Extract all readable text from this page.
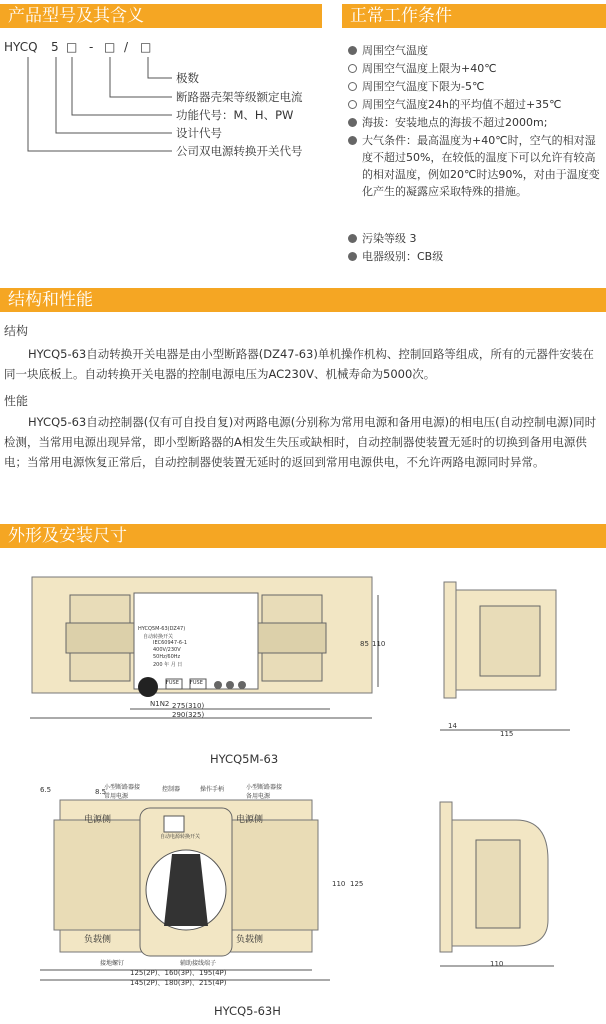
产品型号及其含义	正常工作条件
HYCQ 5 □ - □ / □
极数
断路器壳架等级额定电流
功能代号：M、H、PW
设计代号
公司双电源转换开关代号
周围空气温度
周围空气温度上限为+40℃
周围空气温度下限为-5℃
周围空气温度24h的平均值不超过+35℃
海拔：安装地点的海拔不超过2000m;
大气条件：最高温度为+40℃时，空气的相对湿度不超过50%，在较低的温度下可以允许有较高的相对温度，例如20℃时达90%，对由于温度变化产生的凝露应采取特殊的措施。
污染等级 3
电器级别：CB级
结构和性能
结构

HYCQ5-63自动转换开关电器是由小型断路器(DZ47-63)单机操作机构、控制回路等组成，所有的元器件安装在同一块底板上。自动转换开关电器的控制电源电压为AC230V、机械寿命为5000次。

性能

HYCQ5-63自动控制器(仅有可自投自复)对两路电源(分别称为常用电源和备用电源)的相电压(自动控制电源)同时检测，当常用电源出现异常，即小型断路器的A相发生失压或缺相时，自动控制器使装置无延时的切换到备用电源供电；当常用电源恢复正常后，自动控制器使装置无延时的返回到常用电源供电，不允许两路电源同时异常。

外形及安装尺寸
HYCQ5M-63(DZ47)
自动转换开关
IEC60947-6-1
400V/230V
50Hz/60Hz
200 年 月 日
FUSE FUSE
N1N2 275(310)
290(325)
85 110
14
115
HYCQ5M-63
8.5
6.5	小型断路器接常用电源
控制器	操作手柄	小型断路器接备用电源
电源侧	电源侧
自动电源转换开关
负载侧	负载侧
接地螺钉	辅助接线端子
125(2P)、160(3P)、195(4P)
145(2P)、180(3P)、215(4P)
110 125
110
HYCQ5-63H
